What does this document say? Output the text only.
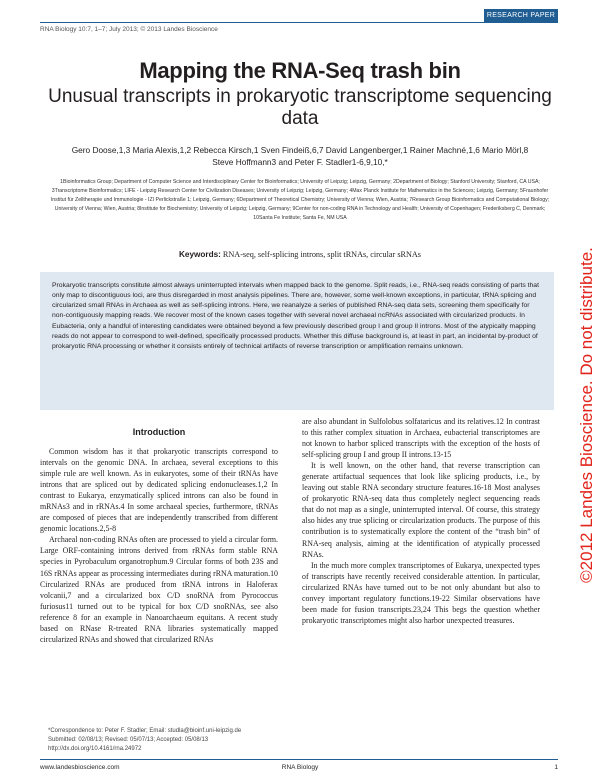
RESEARCH PAPER
RNA Biology 10:7, 1–7; July 2013; © 2013 Landes Bioscience
Mapping the RNA-Seq trash bin
Unusual transcripts in prokaryotic transcriptome sequencing data
Gero Doose,1,3 Maria Alexis,1,2 Rebecca Kirsch,1 Sven Findeiß,6,7 David Langenberger,1 Rainer Machné,1,6 Mario Mörl,8 Steve Hoffmann3 and Peter F. Stadler1-6,9,10,*
1Bioinformatics Group; Department of Computer Science and Interdisciplinary Center for Bioinformatics; University of Leipzig; Leipzig, Germany; 2Department of Biology; Stanford University; Stanford, CA USA; 3Transcriptome Bioinformatics; LIFE - Leipzig Research Center for Civilization Diseases; University of Leipzig; Leipzig, Germany; 4Max Planck Institute for Mathematics in the Sciences; Leipzig, Germany; 5Fraunhofer Institut für Zelltherapie und Immunologie - IZI Perlickstraße 1; Leipzig, Germany; 6Department of Theoretical Chemistry; University of Vienna; Wien, Austria; 7Research Group Bioinformatics and Computational Biology; University of Vienna; Wien, Austria; 8Institute for Biochemistry; University of Leipzig; Leipzig, Germany; 9Center for non-coding RNA in Technology and Health; University of Copenhagen; Frederiksberg C, Denmark; 10Santa Fe Institute; Santa Fe, NM USA
Keywords: RNA-seq, self-splicing introns, split tRNAs, circular sRNAs
Prokaryotic transcripts constitute almost always uninterrupted intervals when mapped back to the genome. Split reads, i.e., RNA-seq reads consisting of parts that only map to discontiguous loci, are thus disregarded in most analysis pipelines. There are, however, some well-known exceptions, in particular, tRNA splicing and circularized small RNAs in Archaea as well as self-splicing introns. Here, we reanalyze a series of published RNA-seq data sets, screening them specifically for non-contiguously mapping reads. We recover most of the known cases together with several novel archaeal ncRNAs associated with circularized products. In Eubacteria, only a handful of interesting candidates were obtained beyond a few previously described group I and group II introns. Most of the atypically mapping reads do not appear to correspond to well-defined, specifically processed products. Whether this diffuse background is, at least in part, an incidental by-product of prokaryotic RNA processing or whether it consists entirely of technical artifacts of reverse transcription or amplification remains unknown.
Introduction

Common wisdom has it that prokaryotic transcripts correspond to intervals on the genomic DNA. In archaea, several exceptions to this simple rule are well known. As in eukaryotes, some of their tRNAs have introns that are spliced out by dedicated splicing endonucleases.1,2 In contrast to Eukarya, enzymatically spliced introns can also be found in mRNAs3 and in rRNAs.4 In some archaeal species, furthermore, tRNAs are composed of pieces that are independently transcribed from different genomic locations.2,5-8

Archaeal non-coding RNAs often are processed to yield a circular form. Large ORF-containing introns derived from rRNAs form stable RNA species in Pyrobaculum organotrophum.9 Circular forms of both 23S and 16S rRNAs appear as processing intermediates during rRNA maturation.10 Circularized RNAs are produced from tRNA introns in Haloferax volcanii,7 and a circularized box C/D snoRNA from Pyrococcus furiosus11 turned out to be typical for box C/D snoRNAs, see also reference 8 for an example in Nanoarchaeum equitans. A recent study based on RNase R-treated RNA libraries systematically mapped circularized RNAs and showed that circularized RNAs

are also abundant in Sulfolobus solfataricus and its relatives.12 In contrast to this rather complex situation in Archaea, eubacterial transcriptomes are not known to harbor spliced transcripts with the exception of the hosts of self-splicing group I and group II introns.13-15

It is well known, on the other hand, that reverse transcription can generate artifactual sequences that look like splicing products, i.e., by leaving out stable RNA secondary structure features.16-18 Most analyses of prokaryotic RNA-seq data thus completely neglect sequencing reads that do not map as a single, uninterrupted interval. Of course, this strategy also hides any true splicing or circularization products. The purpose of this contribution is to systematically explore the content of the “trash bin” of RNA-seq analysis, aiming at the identification of atypically processed RNAs.

In the much more complex transcriptomes of Eukarya, unexpected types of transcripts have recently received considerable attention. In particular, circularized RNAs have turned out to be not only abundant but also to convey important regulatory functions.19-22 Similar observations have been made for fusion transcripts.23,24 This begs the question whether prokaryotic transcriptomes might also harbor unexpected treasures.

*Correspondence to: Peter F. Stadler; Email: studla@bioinf.uni-leipzig.de
Submitted: 02/08/13; Revised: 05/07/13; Accepted: 05/08/13
http://dx.doi.org/10.4161/rna.24972
www.landesbioscience.com	RNA Biology	1
©2012 Landes Bioscience. Do not distribute.
